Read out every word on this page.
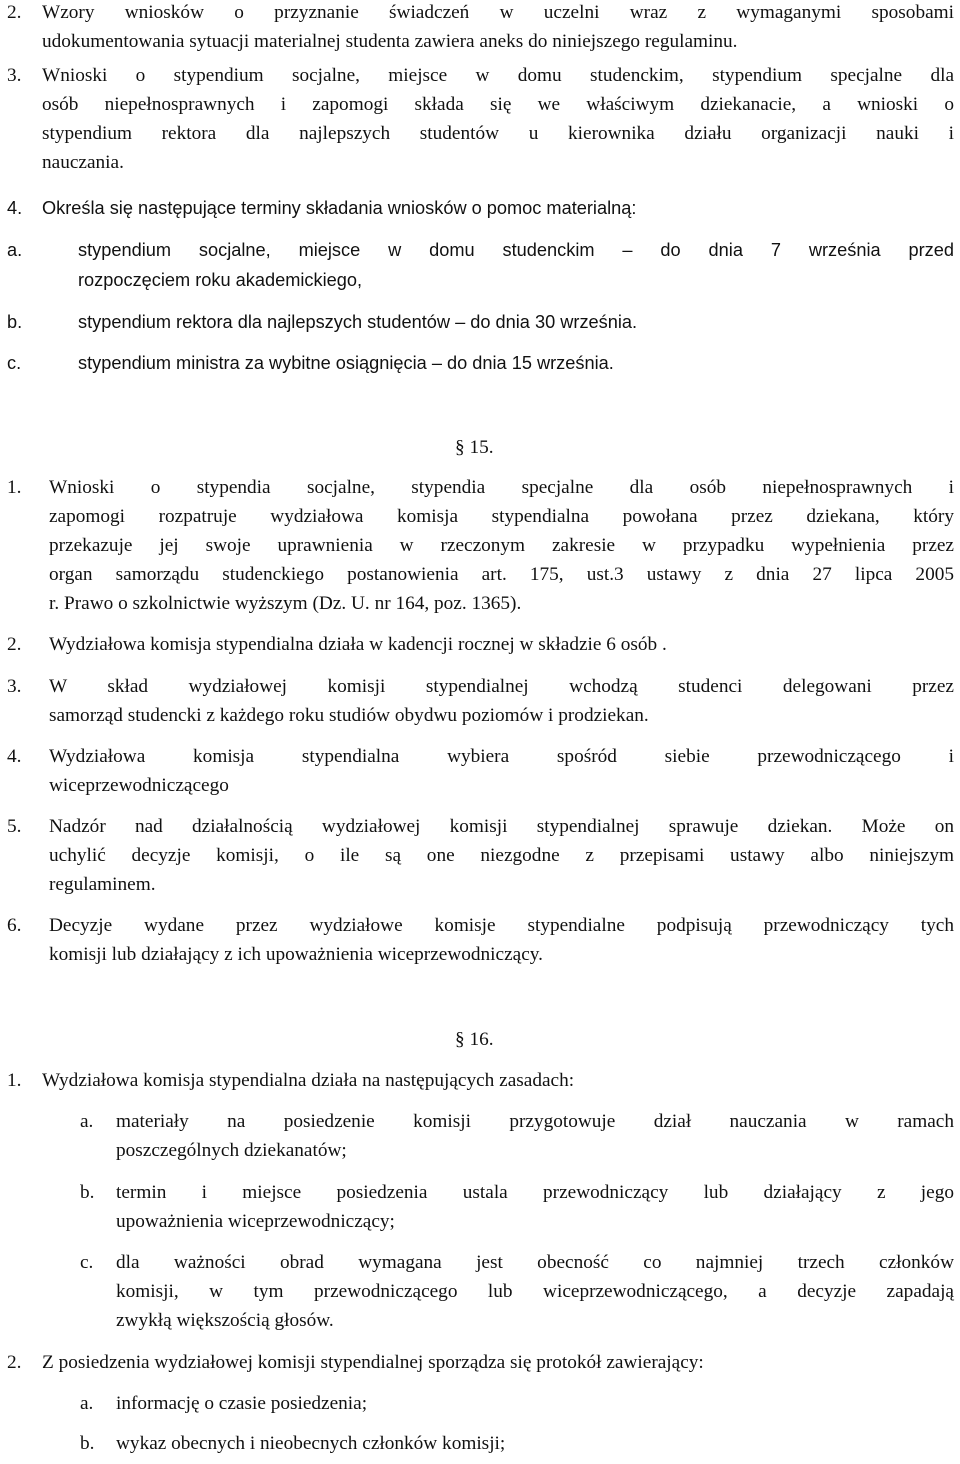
2. Wzory wniosków o przyznanie świadczeń w uczelni wraz z wymaganymi sposobami
udokumentowania sytuacji materialnej studenta zawiera aneks do niniejszego regulaminu.
3. Wnioski o stypendium socjalne, miejsce w domu studenckim, stypendium specjalne dla
osób niepełnosprawnych i zapomogi składa się we właściwym dziekanacie, a wnioski o
stypendium rektora dla najlepszych studentów u kierownika działu organizacji nauki i
nauczania.
4. Określa się następujące terminy składania wniosków o pomoc materialną:
a.	stypendium socjalne, miejsce w domu studenckim – do dnia 7 września przed
rozpoczęciem roku akademickiego,
b.	stypendium rektora dla najlepszych studentów – do dnia 30 września.
c.	stypendium ministra za wybitne osiągnięcia – do dnia 15 września.
§ 15.
1. Wnioski o stypendia socjalne, stypendia specjalne dla osób niepełnosprawnych i
zapomogi rozpatruje wydziałowa komisja stypendialna powołana przez dziekana, który
przekazuje jej swoje uprawnienia w rzeczonym zakresie w przypadku wypełnienia przez
organ samorządu studenckiego postanowienia art. 175, ust.3 ustawy z dnia 27 lipca 2005
r. Prawo o szkolnictwie wyższym (Dz. U. nr 164, poz. 1365).
2. Wydziałowa komisja stypendialna działa w kadencji rocznej w składzie 6 osób .
3. W skład wydziałowej komisji stypendialnej wchodzą studenci delegowani przez
samorząd studencki z każdego roku studiów obydwu poziomów i prodziekan.
4. Wydziałowa komisja stypendialna wybiera spośród siebie przewodniczącego i
wiceprzewodniczącego
5. Nadzór nad działalnością wydziałowej komisji stypendialnej sprawuje dziekan. Może on
uchylić decyzje komisji, o ile są one niezgodne z przepisami ustawy albo niniejszym
regulaminem.
6. Decyzje wydane przez wydziałowe komisje stypendialne podpisują przewodniczący tych
komisji lub działający z ich upoważnienia wiceprzewodniczący.
§ 16.
1. Wydziałowa komisja stypendialna działa na następujących zasadach:
a. materiały na posiedzenie komisji przygotowuje dział nauczania w ramach
poszczególnych dziekanatów;
b. termin i miejsce posiedzenia ustala przewodniczący lub działający z jego
upoważnienia wiceprzewodniczący;
c. dla ważności obrad wymagana jest obecność co najmniej trzech członków
komisji, w tym przewodniczącego lub wiceprzewodniczącego, a decyzje zapadają
zwykłą większością głosów.
2. Z posiedzenia wydziałowej komisji stypendialnej sporządza się protokół zawierający:
a. informację o czasie posiedzenia;
b. wykaz obecnych i nieobecnych członków komisji;
